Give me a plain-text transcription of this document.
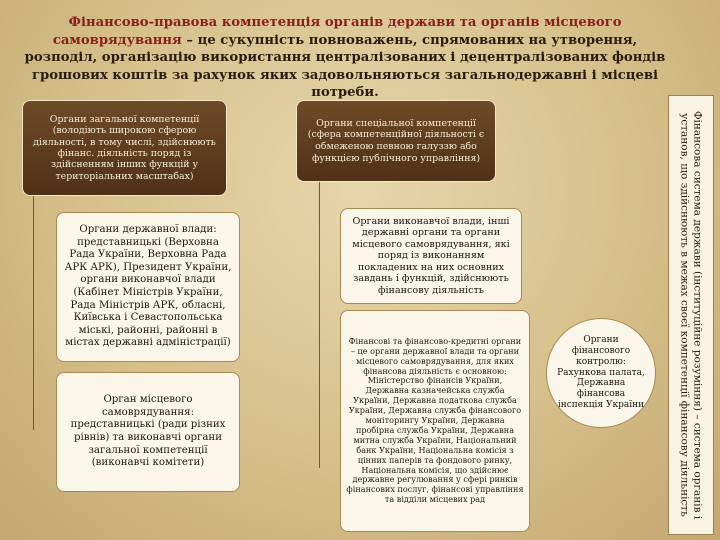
Фінансово-правова компетенція органів держави та органів місцевого самоврядування – це сукупність повноважень, спрямованих на утворення, розподіл, організацію використання централізованих і децентралізованих фондів грошових коштів за рахунок яких задовольняються загальнодержавні і місцеві потреби.

Органи загальної компетенції (володіють широкою сферою діяльності, в тому числі, здійснюють фінанс. діяльність поряд із здійсненням інших функцій у територіальних масштабах)
Органи державної влади: представницькі (Верховна Рада України, Верховна Рада АРК АРК), Президент України, органи виконавчої влади (Кабінет Міністрів України, Рада Міністрів АРК, обласні, Київська і Севастопольська міські, районні, районні в містах державні адміністрації)
Орган місцевого самоврядування: представницькі (ради різних рівнів) та виконавчі органи загальної компетенції (виконавчі комітети)
Органи спеціальної компетенції (сфера компетенційної діяльності є обмеженою певною галуззю або функцією публічного управління)
Органи виконавчої влади, інші державні органи та органи місцевого самоврядування, які поряд із виконанням покладених на них основних завдань і функцій, здійснюють фінансову діяльність
Фінансові та фінансово-кредитні органи – це органи державної влади та органи місцевого самоврядування, для яких фінансова діяльність є основною: Міністерство фінансів України, Державна казначейська служба України, Державна податкова служба України, Державна служба фінансового моніторингу України, Державна пробірна служба України, Державна митна служба України, Національний банк України, Національна комісія з цінних паперів та фондового ринку, Національна комісія, що здійснює державне регулювання у сфері ринків фінансових послуг, фінансові управління та відділи місцевих рад
Органи фінансового контролю: Рахункова палата, Державна фінансова інспекція України	Фінансова система держави (інституційне розуміння) – система органів і установ, що здійснюють в межах своєї компетенції фінансову діяльність
